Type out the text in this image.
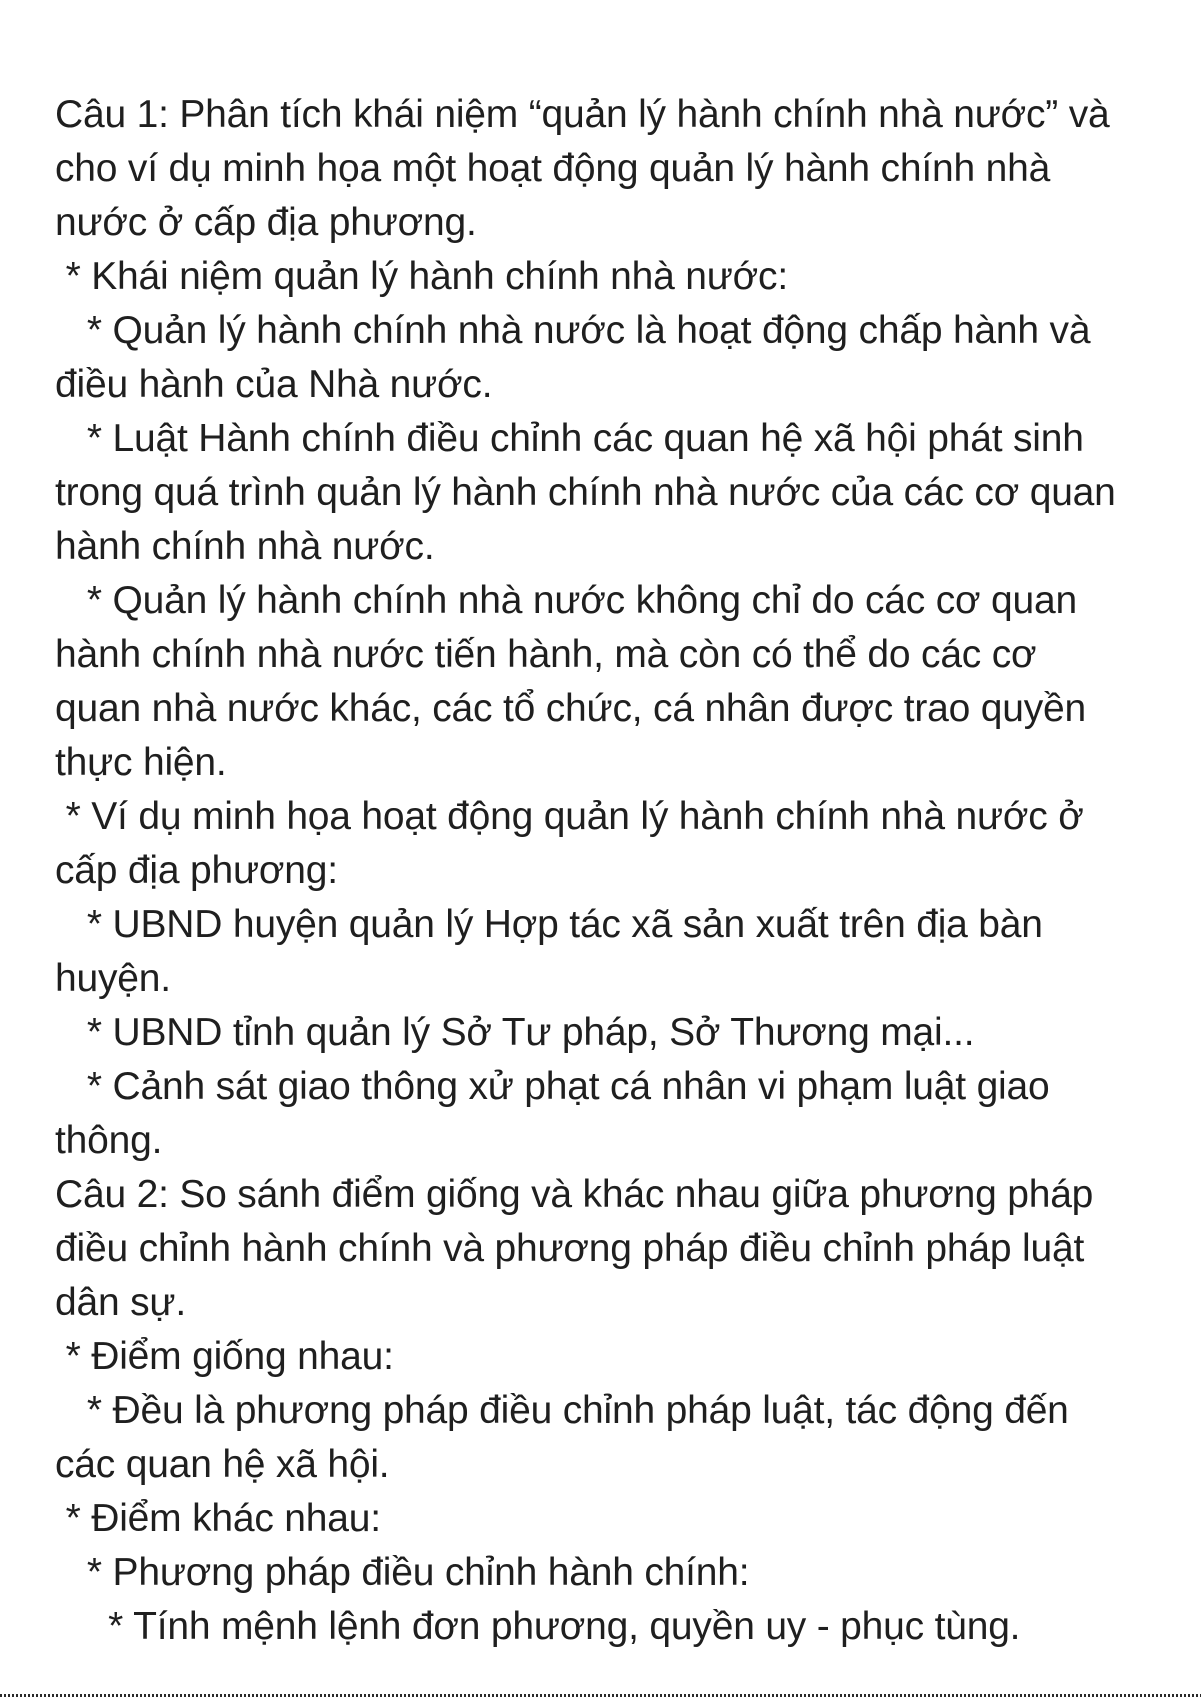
Câu 1: Phân tích khái niệm “quản lý hành chính nhà nước” và
cho ví dụ minh họa một hoạt động quản lý hành chính nhà
nước ở cấp địa phương.
* Khái niệm quản lý hành chính nhà nước:
* Quản lý hành chính nhà nước là hoạt động chấp hành và
điều hành của Nhà nước.
* Luật Hành chính điều chỉnh các quan hệ xã hội phát sinh
trong quá trình quản lý hành chính nhà nước của các cơ quan
hành chính nhà nước.
* Quản lý hành chính nhà nước không chỉ do các cơ quan
hành chính nhà nước tiến hành, mà còn có thể do các cơ
quan nhà nước khác, các tổ chức, cá nhân được trao quyền
thực hiện.
* Ví dụ minh họa hoạt động quản lý hành chính nhà nước ở
cấp địa phương:
* UBND huyện quản lý Hợp tác xã sản xuất trên địa bàn
huyện.
* UBND tỉnh quản lý Sở Tư pháp, Sở Thương mại...
* Cảnh sát giao thông xử phạt cá nhân vi phạm luật giao
thông.
Câu 2: So sánh điểm giống và khác nhau giữa phương pháp
điều chỉnh hành chính và phương pháp điều chỉnh pháp luật
dân sự.
* Điểm giống nhau:
* Đều là phương pháp điều chỉnh pháp luật, tác động đến
các quan hệ xã hội.
* Điểm khác nhau:
* Phương pháp điều chỉnh hành chính:
* Tính mệnh lệnh đơn phương, quyền uy - phục tùng.
